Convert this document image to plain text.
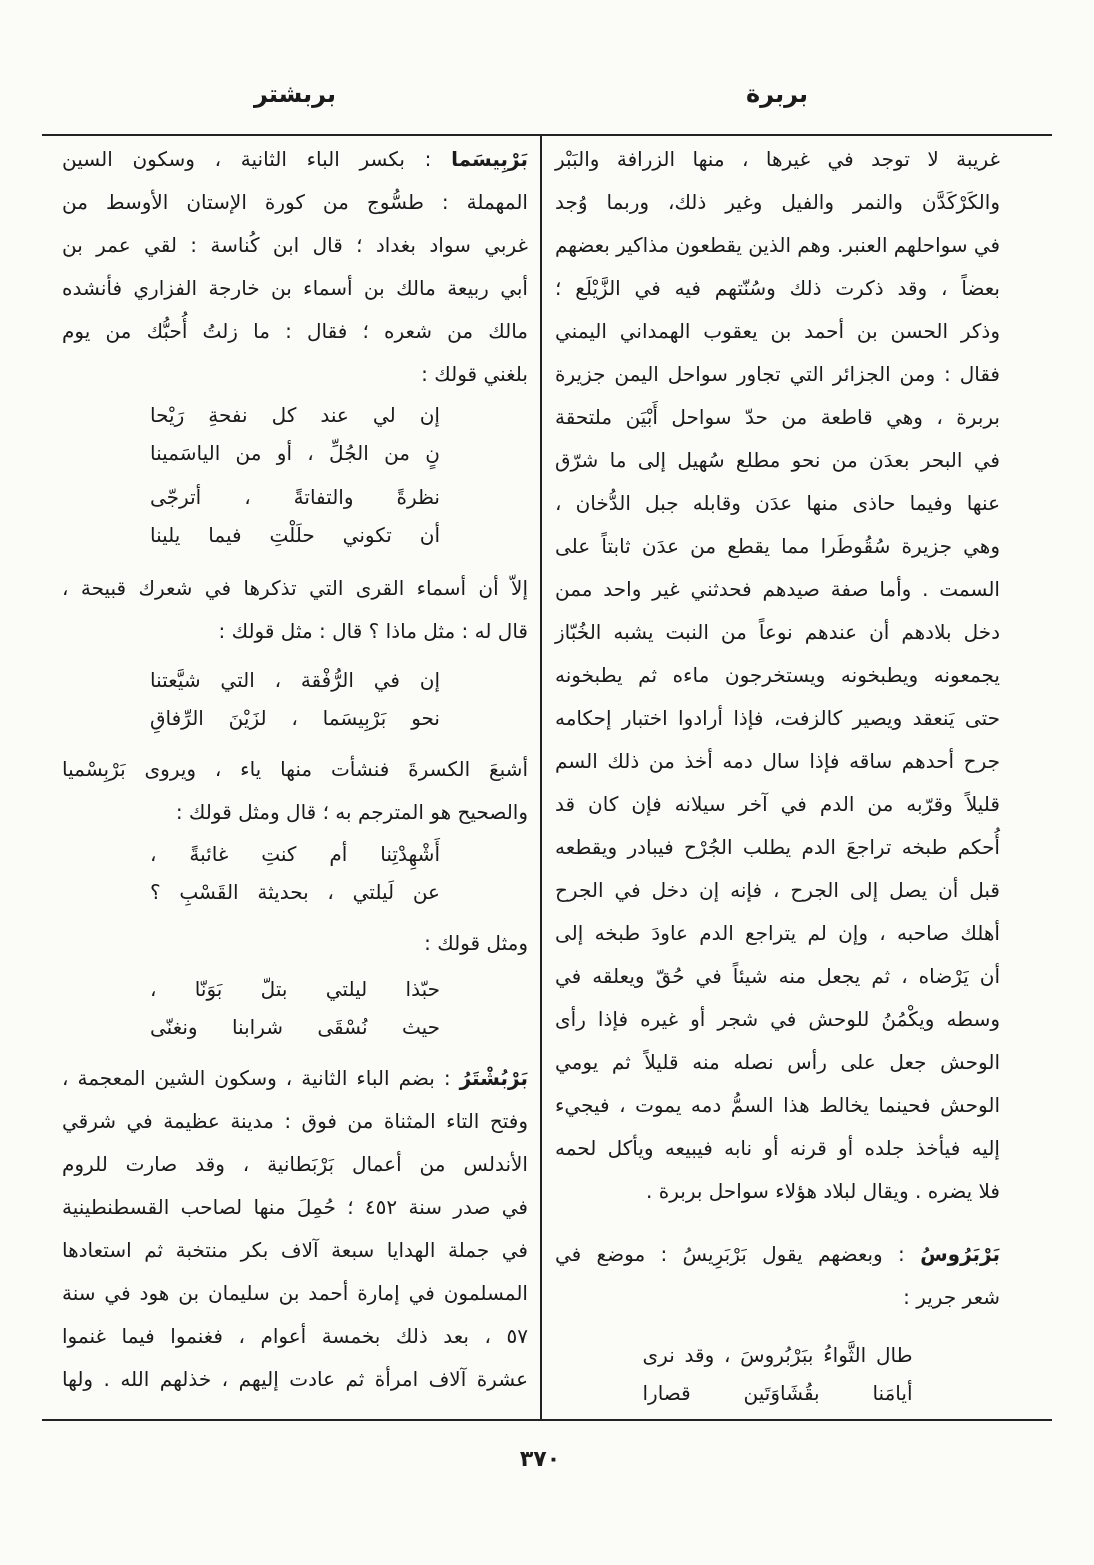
بربشتر	بربرة
٣٧٠
غريبة لا توجد في غيرها ، منها الزرافة والبَبْر
والكَرْكَدَّن والنمر والفيل وغير ذلك، وربما وُجد
في سواحلهم العنبر. وهم الذين يقطعون مذاكير بعضهم
بعضاً ، وقد ذكرت ذلك وسُنّتهم فيه في الزَّيْلَع ؛
وذكر الحسن بن أحمد بن يعقوب الهمداني اليمني
فقال : ومن الجزائر التي تجاور سواحل اليمن جزيرة
بربرة ، وهي قاطعة من حدّ سواحل أَبْيَن ملتحقة
في البحر بعدَن من نحو مطلع سُهيل إلى ما شرّق
عنها وفيما حاذى منها عدَن وقابله جبل الدُّخان ،
وهي جزيرة سُقُوطَرا مما يقطع من عدَن ثابتاً على
السمت . وأما صفة صيدهم فحدثني غير واحد ممن
دخل بلادهم أن عندهم نوعاً من النبت يشبه الخُبّاز
يجمعونه ويطبخونه ويستخرجون ماءه ثم يطبخونه
حتى يَنعقد ويصير كالزفت، فإذا أرادوا اختبار إحكامه
جرح أحدهم ساقه فإذا سال دمه أخذ من ذلك السم
قليلاً وقرّبه من الدم في آخر سيلانه فإن كان قد
أُحكم طبخه تراجعَ الدم يطلب الجُرْح فيبادر ويقطعه
قبل أن يصل إلى الجرح ، فإنه إن دخل في الجرح
أهلك صاحبه ، وإن لم يتراجع الدم عاودَ طبخه إلى
أن يَرْضاه ، ثم يجعل منه شيئاً في حُقّ ويعلقه في
وسطه ويكْمُنُ للوحش في شجر أو غيره فإذا رأى
الوحش جعل على رأس نصله منه قليلاً ثم يومي
الوحش فحينما يخالط هذا السمُّ دمه يموت ، فيجيء
إليه فيأخذ جلده أو قرنه أو نابه فيبيعه ويأكل لحمه
فلا يضره . ويقال لبلاد هؤلاء سواحل بربرة .
بَرْبَرُوسُ : وبعضهم يقول بَرْبَرِيسُ : موضع في
شعر جرير :
طال الثَّواءُ ببَرْبُروسَ ، وقد نرى
أيامَنا بقُشَاوَتَين قصارا
بَرْبِيسَما : بكسر الباء الثانية ، وسكون السين
المهملة : طسُّوج من كورة الإستان الأوسط من
غربي سواد بغداد ؛ قال ابن كُناسة : لقي عمر بن
أبي ربيعة مالك بن أسماء بن خارجة الفزاري فأنشده
مالك من شعره ؛ فقال : ما زلتُ أُحبُّك من يوم
بلغني قولك :
إن لي عند كل نفحةِ رَيْحا
نٍ من الجُلِّ ، أو من الياسَمينا
نظرةً والتفاتةً ، أترجّى
أن تكوني حلَلْتِ فيما يلينا
إلاّ أن أسماء القرى التي تذكرها في شعرك قبيحة ،
قال له : مثل ماذا ؟ قال : مثل قولك :
إن في الرُّفْقة ، التي شيَّعتنا
نحو بَرْبِيسَما ، لزَيْنَ الرِّفاقِ
أشبعَ الكسرةَ فنشأت منها ياء ، ويروى بَرْبِسْميا
والصحيح هو المترجم به ؛ قال ومثل قولك :
أَشْهِدْتِنا أم كنتِ غائبةً ،
عن لَيلتي ، بحديثة القَسْبِ ؟
ومثل قولك :
حبّذا ليلتي بتلّ بَوَنّا ،
حيث نُسْقَى شرابنا ونغنّى
بَرْبُشْتَرُ : بضم الباء الثانية ، وسكون الشين المعجمة ،
وفتح التاء المثناة من فوق : مدينة عظيمة في شرقي
الأندلس من أعمال بَرْبَطانية ، وقد صارت للروم
في صدر سنة ٤٥٢ ؛ حُمِلَ منها لصاحب القسطنطينية
في جملة الهدايا سبعة آلاف بكر منتخبة ثم استعادها
المسلمون في إمارة أحمد بن سليمان بن هود في سنة
٥٧ ، بعد ذلك بخمسة أعوام ، فغنموا فيما غنموا
عشرة آلاف امرأة ثم عادت إليهم ، خذلهم الله . ولها
